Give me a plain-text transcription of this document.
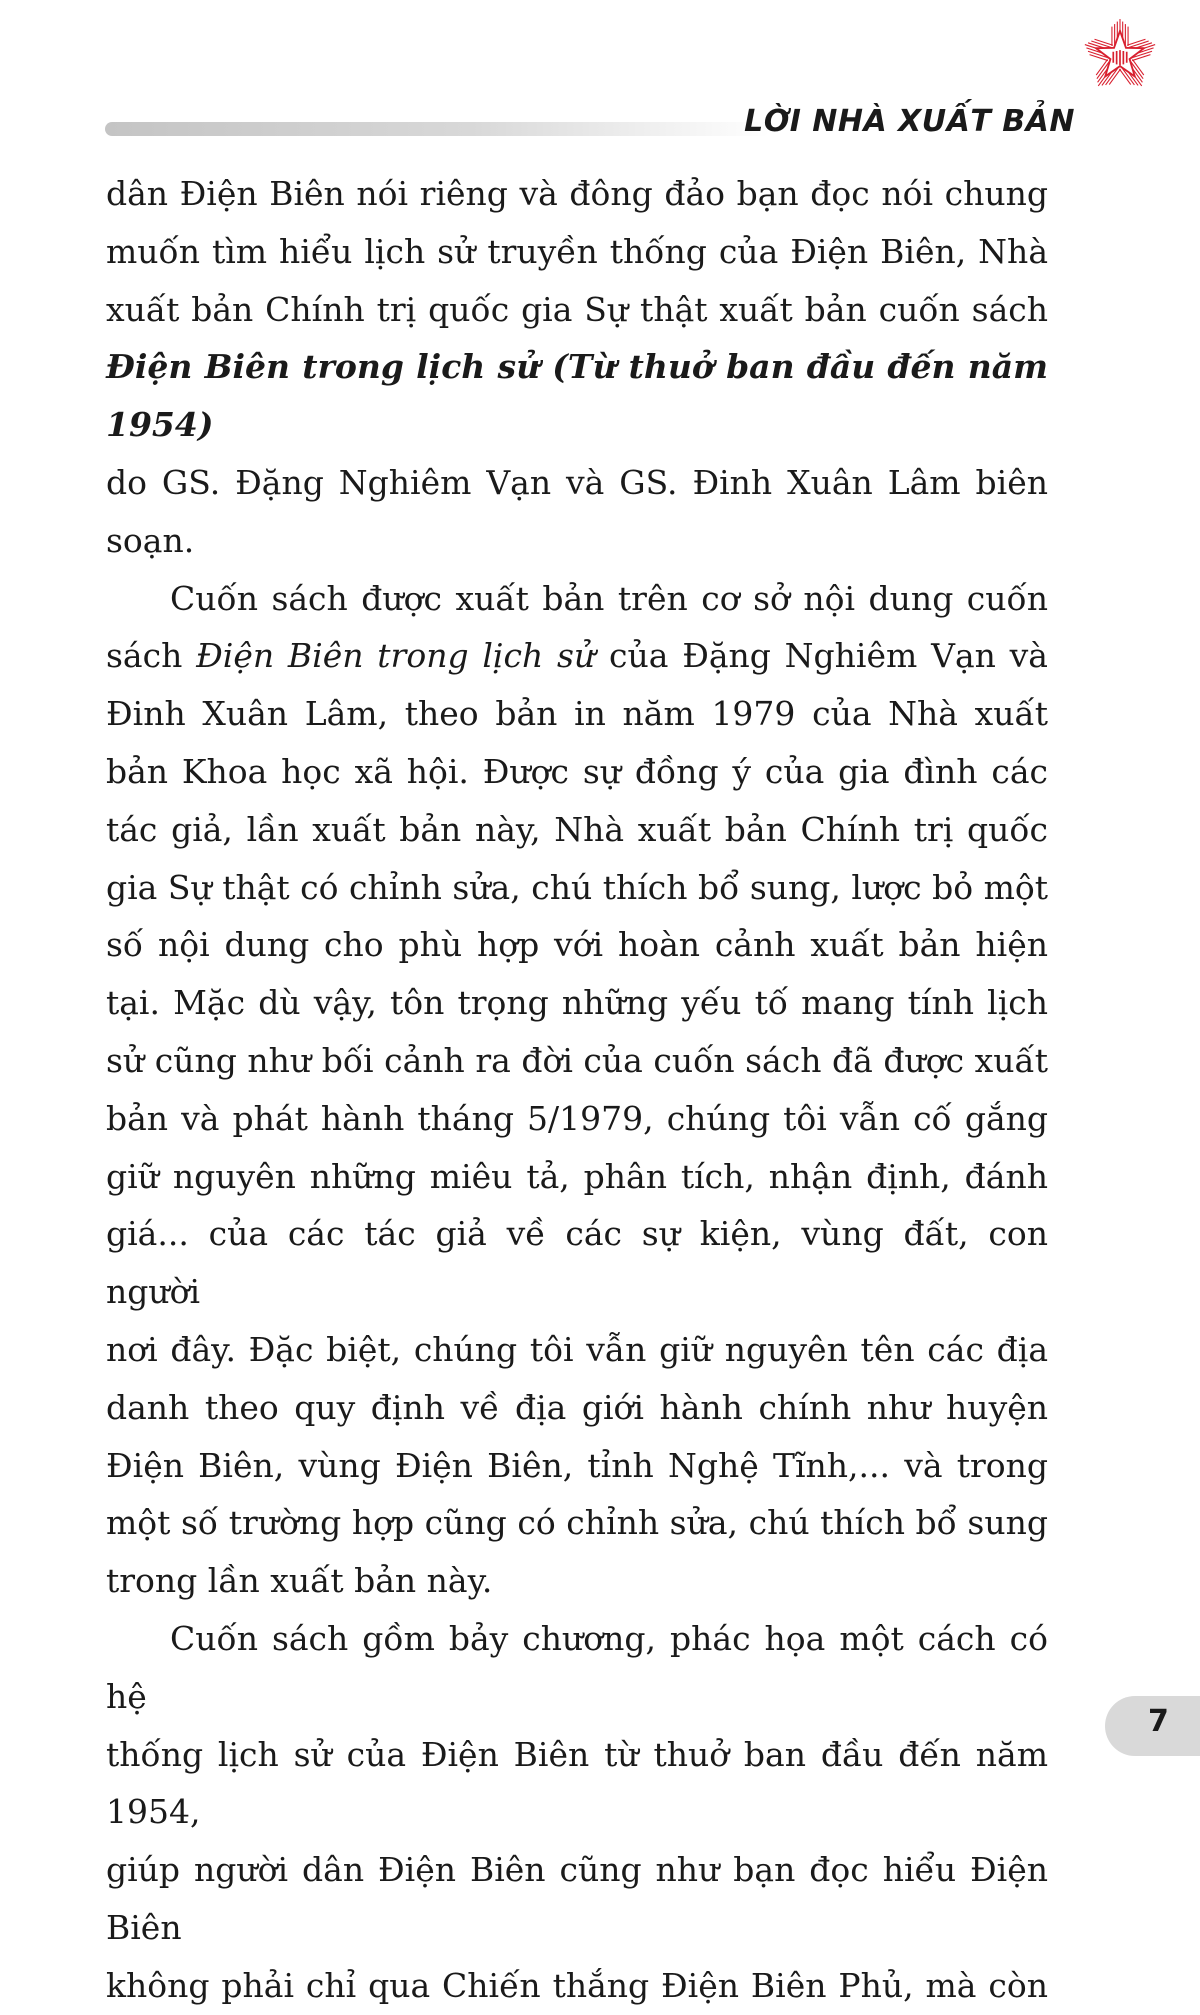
LỜI NHÀ XUẤT BẢN

dân Điện Biên nói riêng và đông đảo bạn đọc nói chung

muốn tìm hiểu lịch sử truyền thống của Điện Biên, Nhà

xuất bản Chính trị quốc gia Sự thật xuất bản cuốn sách

Điện Biên trong lịch sử (Từ thuở ban đầu đến năm 1954)

do GS. Đặng Nghiêm Vạn và GS. Đinh Xuân Lâm biên soạn.

Cuốn sách được xuất bản trên cơ sở nội dung cuốn

sách Điện Biên trong lịch sử của Đặng Nghiêm Vạn và

Đinh Xuân Lâm, theo bản in năm 1979 của Nhà xuất

bản Khoa học xã hội. Được sự đồng ý của gia đình các

tác giả, lần xuất bản này, Nhà xuất bản Chính trị quốc

gia Sự thật có chỉnh sửa, chú thích bổ sung, lược bỏ một

số nội dung cho phù hợp với hoàn cảnh xuất bản hiện

tại. Mặc dù vậy, tôn trọng những yếu tố mang tính lịch

sử cũng như bối cảnh ra đời của cuốn sách đã được xuất

bản và phát hành tháng 5/1979, chúng tôi vẫn cố gắng

giữ nguyên những miêu tả, phân tích, nhận định, đánh

giá... của các tác giả về các sự kiện, vùng đất, con người

nơi đây. Đặc biệt, chúng tôi vẫn giữ nguyên tên các địa

danh theo quy định về địa giới hành chính như huyện

Điện Biên, vùng Điện Biên, tỉnh Nghệ Tĩnh,... và trong

một số trường hợp cũng có chỉnh sửa, chú thích bổ sung

trong lần xuất bản này.

Cuốn sách gồm bảy chương, phác họa một cách có hệ

thống lịch sử của Điện Biên từ thuở ban đầu đến năm 1954,

giúp người dân Điện Biên cũng như bạn đọc hiểu Điện Biên

không phải chỉ qua Chiến thắng Điện Biên Phủ, mà còn

7
